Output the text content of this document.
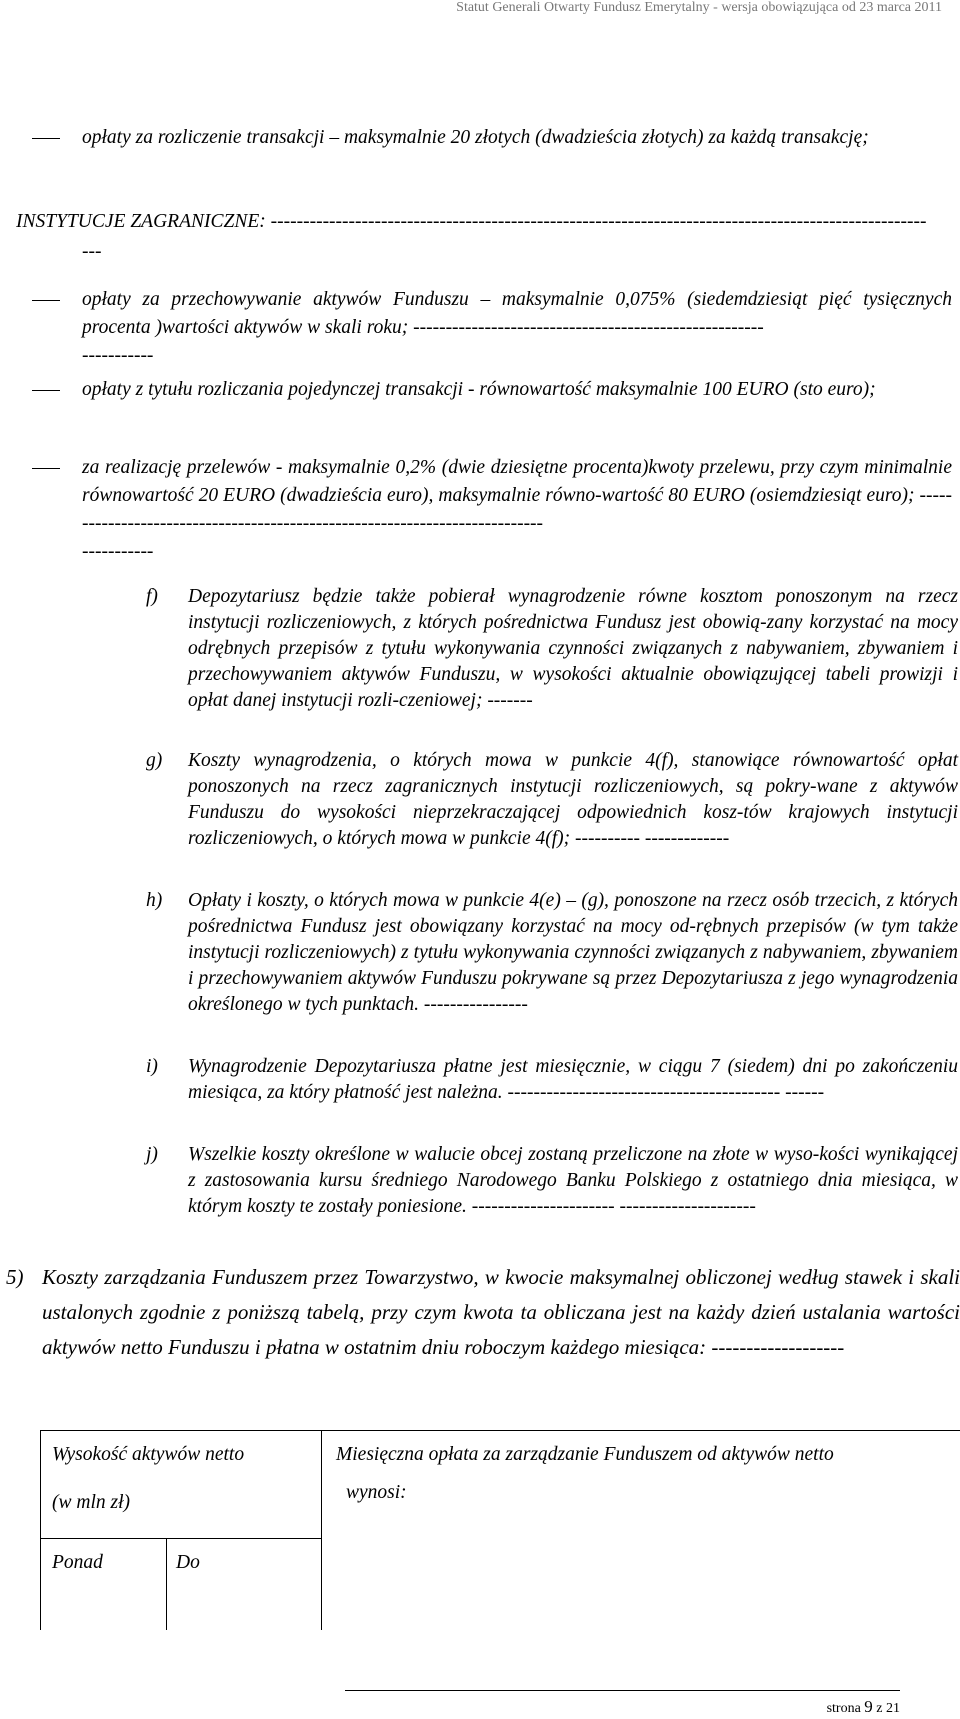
Statut Generali Otwarty Fundusz Emerytalny - wersja obowiązująca od 23 marca 2011

opłaty za rozliczenie transakcji – maksymalnie 20 złotych (dwadzieścia złotych) za każdą transakcję;

INSTYTUCJE ZAGRANICZNE: -----------------------------------------------------------------------------------------------------

---

opłaty za przechowywanie aktywów Funduszu – maksymalnie 0,075% (siedemdziesiąt pięć tysięcznych procenta )wartości aktywów w skali roku; ------------------------------------------------------

-----------

opłaty z tytułu rozliczania pojedynczej transakcji - równowartość maksymalnie 100 EURO (sto euro);

za realizację przelewów - maksymalnie 0,2% (dwie dziesiętne procenta)kwoty przelewu, przy czym minimalnie równowartość 20 EURO (dwadzieścia euro), maksymalnie równo-wartość 80 EURO (osiemdziesiąt euro); ----------------------------------------------------------------------------

-----------

f) Depozytariusz będzie także pobierał wynagrodzenie równe kosztom ponoszonym na rzecz instytucji rozliczeniowych, z których pośrednictwa Fundusz jest obowią-zany korzystać na mocy odrębnych przepisów z tytułu wykonywania czynności związanych z nabywaniem, zbywaniem i przechowywaniem aktywów Funduszu, w wysokości aktualnie obowiązującej tabeli prowizji i opłat danej instytucji rozli-czeniowej; -------

g) Koszty wynagrodzenia, o których mowa w punkcie 4(f), stanowiące równowartość opłat ponoszonych na rzecz zagranicznych instytucji rozliczeniowych, są pokry-wane z aktywów Funduszu do wysokości nieprzekraczającej odpowiednich kosz-tów krajowych instytucji rozliczeniowych, o których mowa w punkcie 4(f); ---------- -------------

h) Opłaty i koszty, o których mowa w punkcie 4(e) – (g), ponoszone na rzecz osób trzecich, z których pośrednictwa Fundusz jest obowiązany korzystać na mocy od-rębnych przepisów (w tym także instytucji rozliczeniowych) z tytułu wykonywania czynności związanych z nabywaniem, zbywaniem i przechowywaniem aktywów Funduszu pokrywane są przez Depozytariusza z jego wynagrodzenia określonego w tych punktach. ----------------

i) Wynagrodzenie Depozytariusza płatne jest miesięcznie, w ciągu 7 (siedem) dni po zakończeniu miesiąca, za który płatność jest należna. ------------------------------------------ ------

j) Wszelkie koszty określone w walucie obcej zostaną przeliczone na złote w wyso-kości wynikającej z zastosowania kursu średniego Narodowego Banku Polskiego z ostatniego dnia miesiąca, w którym koszty te zostały poniesione. ---------------------- ---------------------

5) Koszty zarządzania Funduszem przez Towarzystwo, w kwocie maksymalnej obliczonej według stawek i skali ustalonych zgodnie z poniższą tabelą, przy czym kwota ta obliczana jest na każdy dzień ustalania wartości aktywów netto Funduszu i płatna w ostatnim dniu roboczym każdego miesiąca: -------------------

Wysokość aktywów netto
(w mln zł)
Miesięczna opłata za zarządzanie Funduszem od aktywów netto
wynosi:
Ponad	Do
strona 9 z 21
